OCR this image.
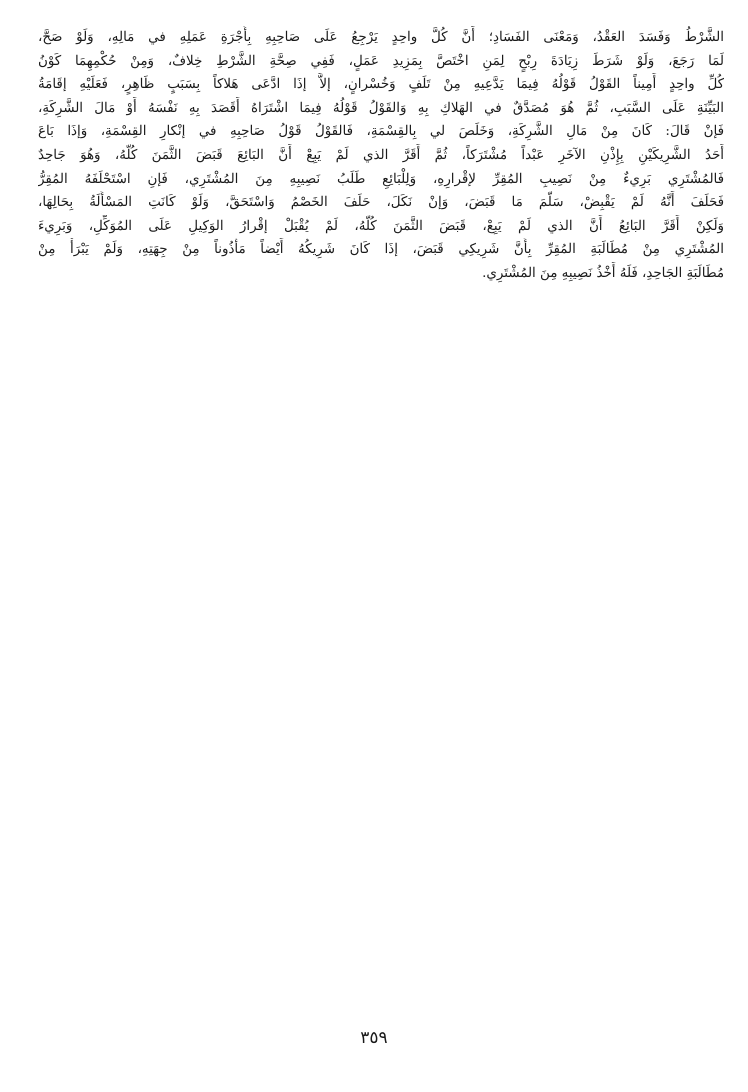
الشَّرْطُ وَفَسَدَ العَقْدُ، وَمَعْنَى الفَسَادِ؛ أَنَّ كُلَّ واحِدٍ يَرْجِعُ عَلَى صَاحِبِهِ بِأُجْرَةِ عَمَلِهِ في مَالِهِ، وَلَوْ صَحَّ،
لَمَا رَجَعَ، وَلَوْ شَرَطَ زِيَادَةَ رِبْحٍ لِمَنِ اخْتَصَّ بِمَزِيدِ عَمَلٍ، فَفِي صِحَّةِ الشَّرْطِ خِلافٌ، وَمِنْ حُكْمِهِمَا كَوْنُ
كُلِّ واحِدٍ أَمِيناً القَوْلُ قَوْلُهُ فِيمَا يَدَّعِيهِ مِنْ تَلَفٍ وَخُسْرانٍ، إلاَّ إذَا ادَّعَى هَلاكاً بِسَبَبٍ ظَاهِرٍ، فَعَلَيْهِ إقَامَةُ
البَيِّنَةِ عَلَى السَّبَبِ، ثُمَّ هُوَ مُصَدَّقٌ في الهَلاكِ بِهِ وَالقَوْلُ قَوْلُهُ فِيمَا اشْتَرَاهُ أَقَصَدَ بِهِ نَفْسَهُ أَوْ مَالَ الشَّرِكَةِ،
فَإنْ قَالَ: كَانَ مِنْ مَالِ الشَّرِكَةِ، وَخَلَصَ لي بِالقِسْمَةِ، فَالقَوْلُ قَوْلُ صَاحِبِهِ في إنْكارِ القِسْمَةِ، وَإذَا بَاعَ
أَحَدُ الشَّرِيكَيْنِ بِإِذْنِ الآخَرِ عَبْداً مُشْتَرَكاً، ثُمَّ أَقَرَّ الذي لَمْ يَبِعْ أَنَّ البَائِعَ قَبَضَ الثَّمَنَ كُلَّهُ، وَهُوَ جَاحِدٌ
فَالمُشْتَرِي بَرِيءٌ مِنْ نَصِيبِ المُقِرِّ لإقْرارِهِ، وَلِلْبَائِعِ طَلَبُ نَصِيبِهِ مِنَ المُشْتَرِي، فَإنِ اسْتَحْلَفَهُ المُقِرُّ
فَحَلَفَ أَنَّهُ لَمْ يَقْبِضْ، سَلَّمَ مَا قَبَضَ، وَإنْ نَكَلَ، حَلَفَ الخَصْمُ وَاسْتَحَقَّ، وَلَوْ كَانَتِ المَسْأَلَةُ بِحَالِهَا،
وَلَكِنْ أَقَرَّ البَائِعُ أَنَّ الذي لَمْ يَبِعْ، قَبَضَ الثَّمَنَ كُلَّهُ، لَمْ يُقْبَلْ إقْرارُ الوَكِيلِ عَلَى المُوَكِّلِ، وَبَرِيءَ
المُشْتَرِي مِنْ مُطَالَبَةِ المُقِرِّ بِأَنَّ شَرِيكِي قَبَضَ، إذَا كَانَ شَرِيكُهُ أَيْضاً مَأْذُوناً مِنْ جِهَتِهِ، وَلَمْ يَبْرَأْ مِنْ
مُطَالَبَةِ الجَاحِدِ، فَلَهُ أَخْذُ نَصِيبِهِ مِنَ المُشْتَرِي.
٣٥٩
